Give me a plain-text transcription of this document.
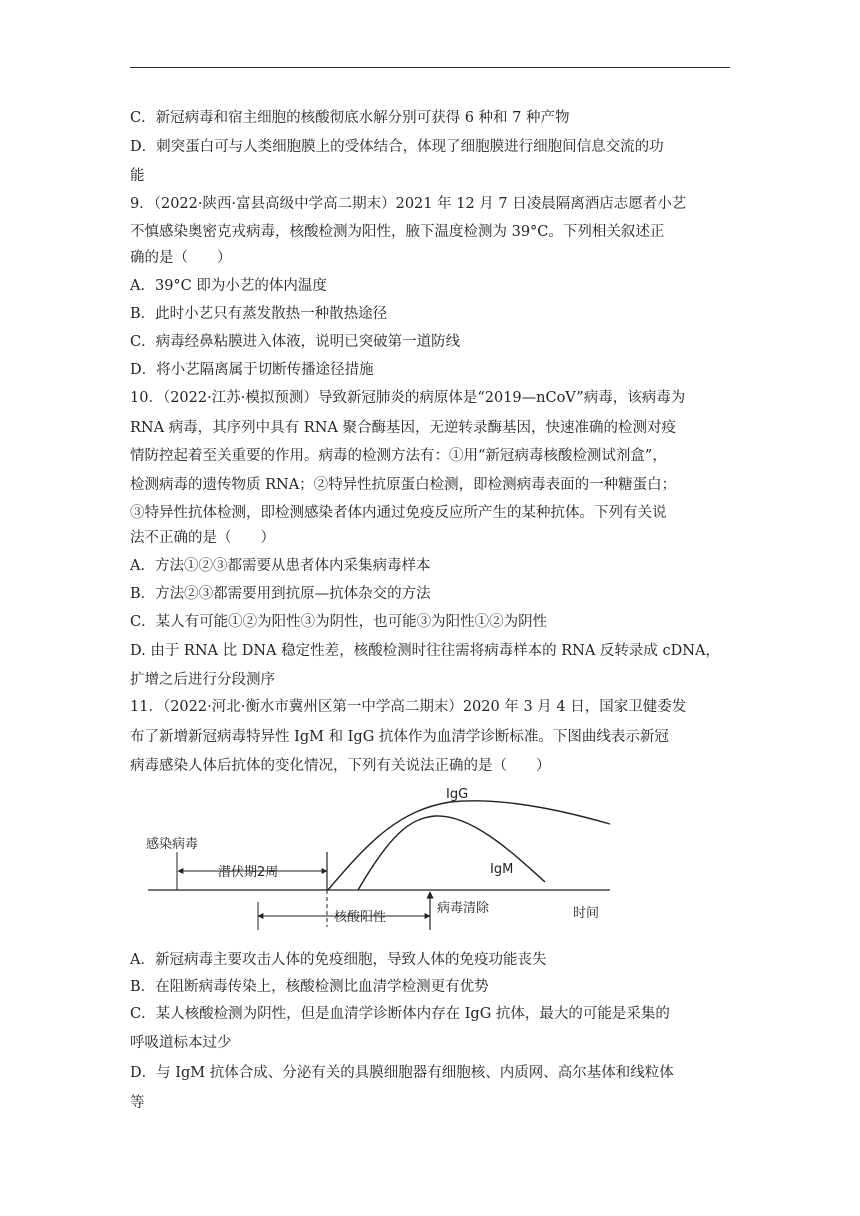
C．新冠病毒和宿主细胞的核酸彻底水解分别可获得 6 种和 7 种产物
D．刺突蛋白可与人类细胞膜上的受体结合，体现了细胞膜进行细胞间信息交流的功
能
9．（2022·陕西·富县高级中学高二期末）2021 年 12 月 7 日凌晨隔离酒店志愿者小艺
不慎感染奥密克戎病毒，核酸检测为阳性，腋下温度检测为 39°C。下列相关叙述正
确的是（　　）
A．39°C 即为小艺的体内温度
B．此时小艺只有蒸发散热一种散热途径
C．病毒经鼻粘膜进入体液，说明已突破第一道防线
D．将小艺隔离属于切断传播途径措施
10．（2022·江苏·模拟预测）导致新冠肺炎的病原体是“2019—nCoV”病毒，该病毒为
RNA 病毒，其序列中具有 RNA 聚合酶基因，无逆转录酶基因，快速准确的检测对疫
情防控起着至关重要的作用。病毒的检测方法有：①用“新冠病毒核酸检测试剂盒”，
检测病毒的遗传物质 RNA；②特异性抗原蛋白检测，即检测病毒表面的一种糖蛋白；
③特异性抗体检测，即检测感染者体内通过免疫反应所产生的某种抗体。下列有关说
法不正确的是（　　）
A．方法①②③都需要从患者体内采集病毒样本
B．方法②③都需要用到抗原—抗体杂交的方法
C．某人有可能①②为阳性③为阴性，也可能③为阳性①②为阴性
D. 由于 RNA 比 DNA 稳定性差，核酸检测时往往需将病毒样本的 RNA 反转录成 cDNA，
扩增之后进行分段测序
11．（2022·河北·衡水市冀州区第一中学高二期末）2020 年 3 月 4 日，国家卫健委发
布了新增新冠病毒特异性 IgM 和 IgG 抗体作为血清学诊断标准。下图曲线表示新冠
病毒感染人体后抗体的变化情况，下列有关说法正确的是（　　）
A．新冠病毒主要攻击人体的免疫细胞，导致人体的免疫功能丧失
B．在阻断病毒传染上，核酸检测比血清学检测更有优势
C．某人核酸检测为阴性，但是血清学诊断体内存在 IgG 抗体，最大的可能是采集的
呼吸道标本过少
D．与 IgM 抗体合成、分泌有关的具膜细胞器有细胞核、内质网、高尔基体和线粒体
等
感染病毒
潜伏期2周
IgG
IgM
核酸阳性
病毒清除	时间
